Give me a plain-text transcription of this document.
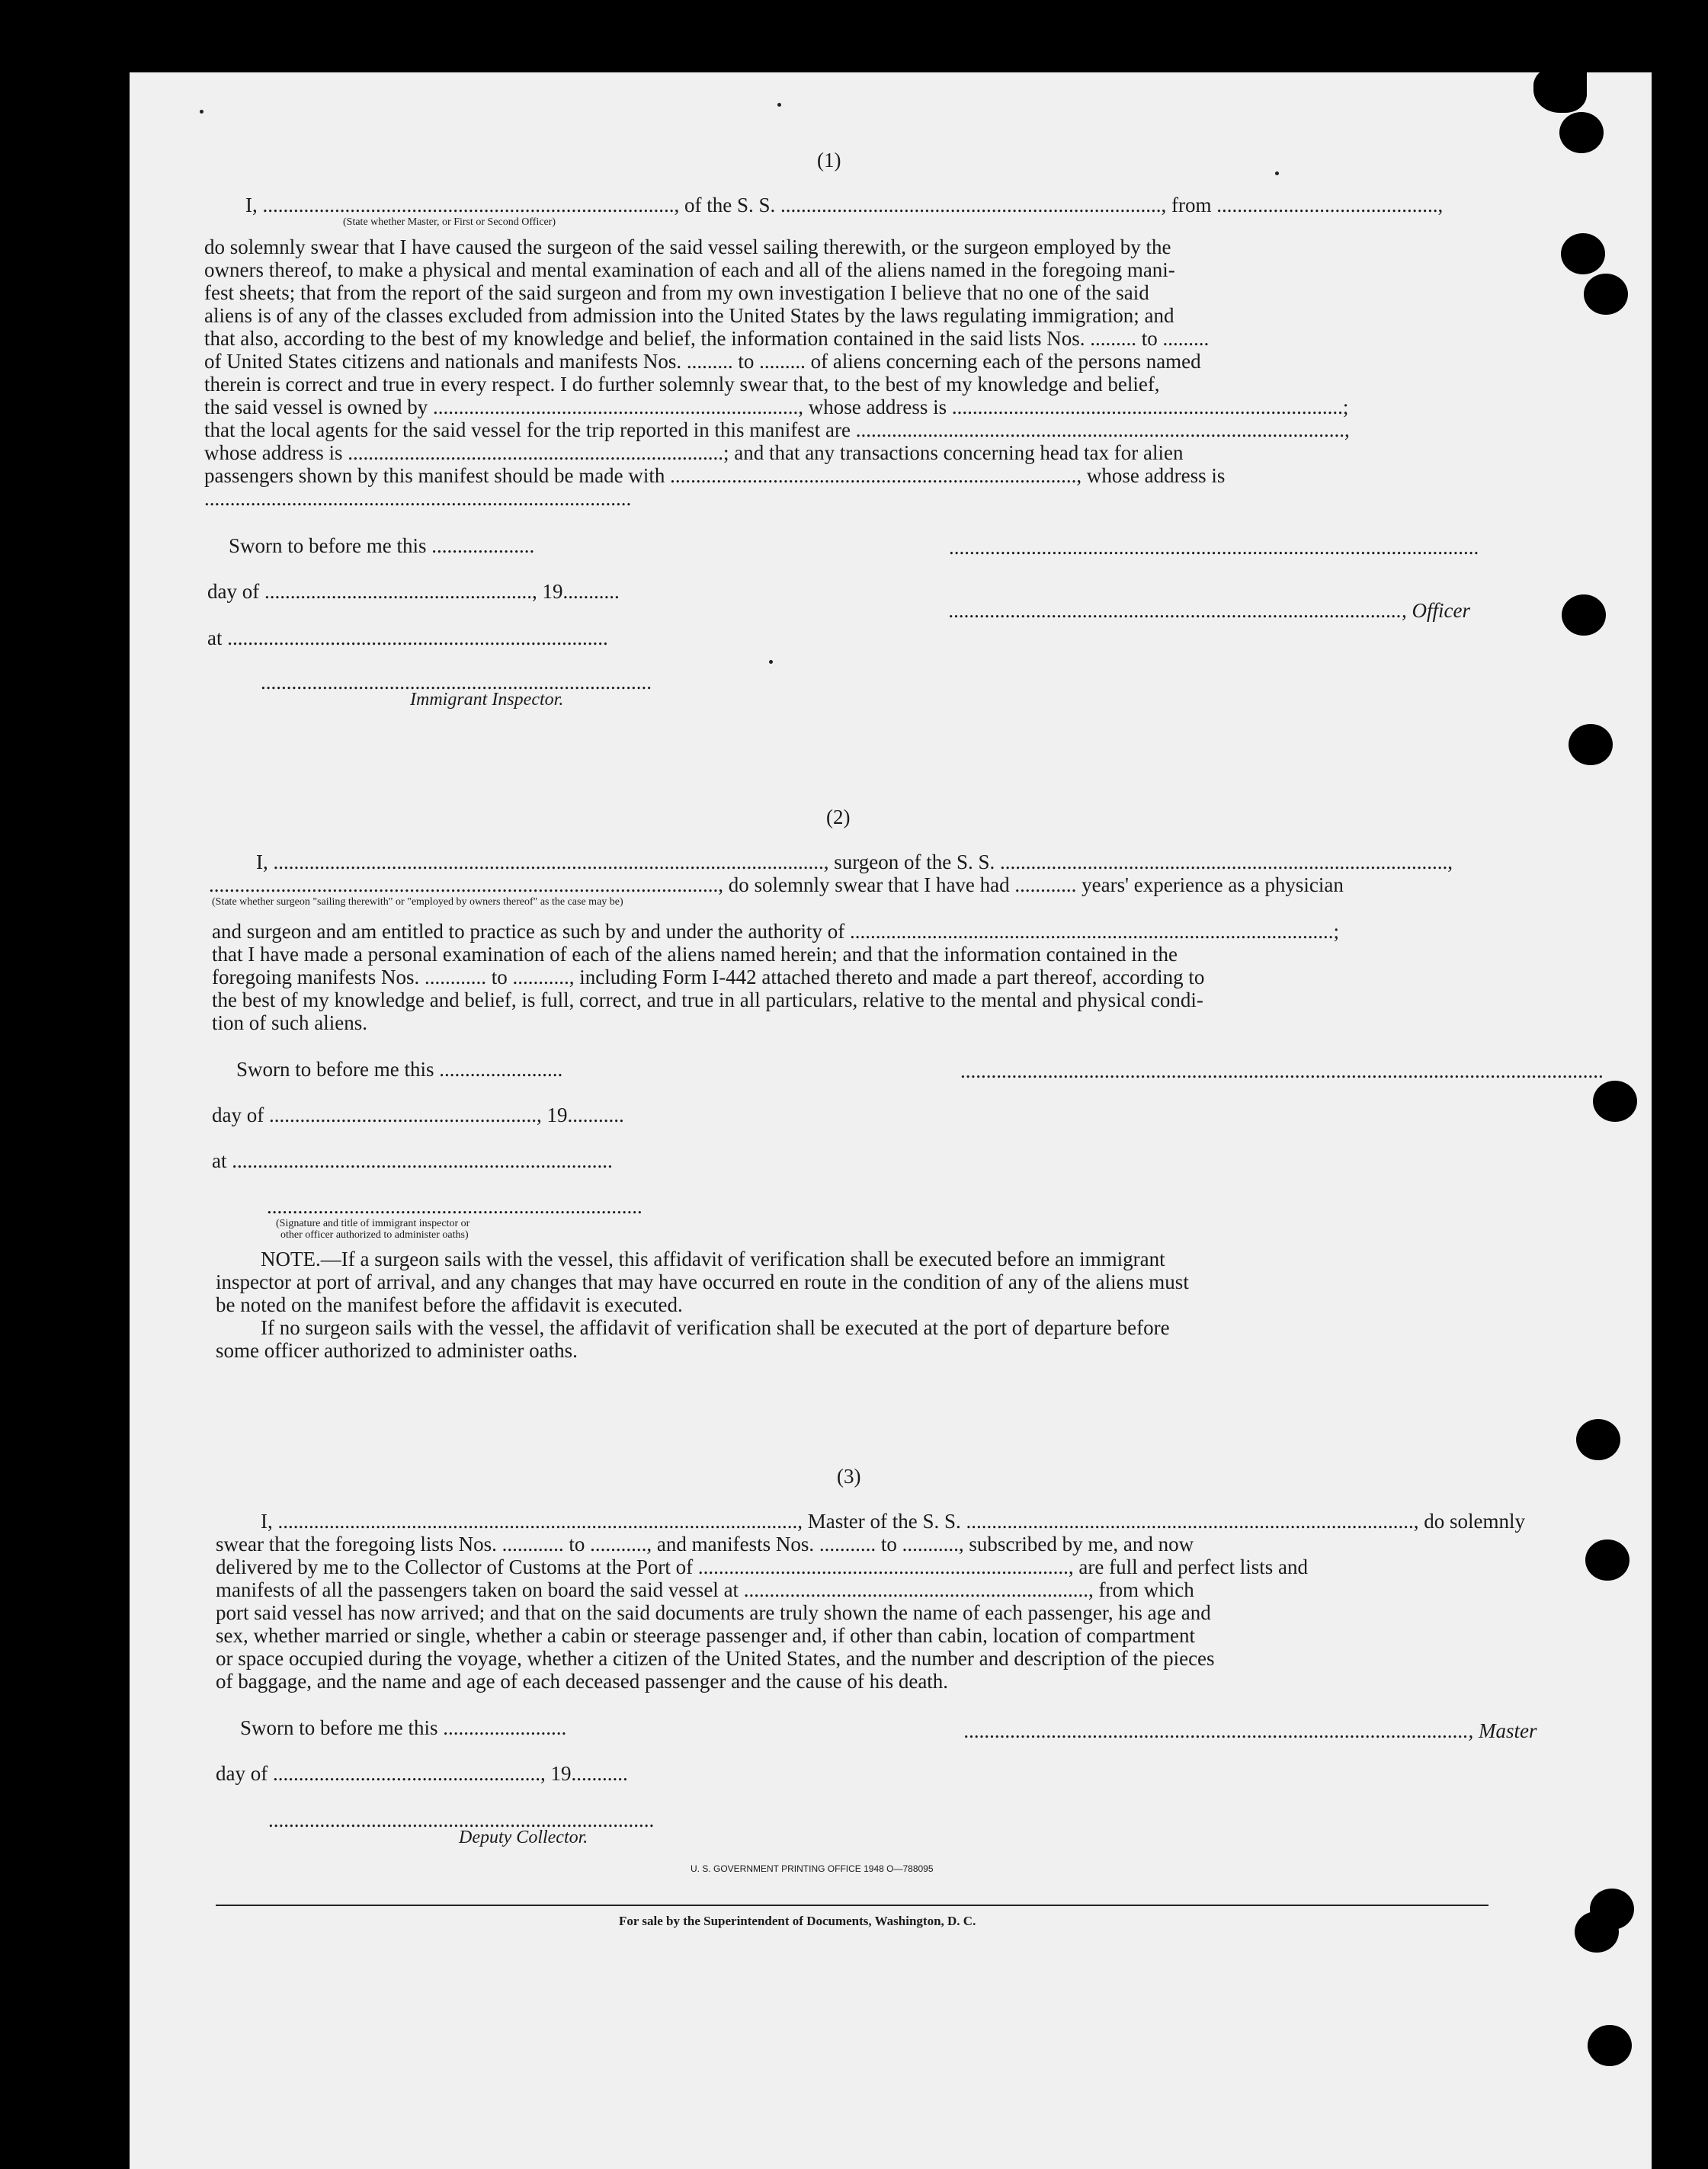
(1)
I, ................................................................................, of the S. S. .........................................................................., from ...........................................,
(State whether Master, or First or Second Officer)
do solemnly swear that I have caused the surgeon of the said vessel sailing therewith, or the surgeon employed by the
owners thereof, to make a physical and mental examination of each and all of the aliens named in the foregoing mani-
fest sheets; that from the report of the said surgeon and from my own investigation I believe that no one of the said
aliens is of any of the classes excluded from admission into the United States by the laws regulating immigration; and
that also, according to the best of my knowledge and belief, the information contained in the said lists Nos. ......... to .........
of United States citizens and nationals and manifests Nos. ......... to ......... of aliens concerning each of the persons named
therein is correct and true in every respect. I do further solemnly swear that, to the best of my knowledge and belief,
the said vessel is owned by ......................................................................., whose address is ............................................................................;
that the local agents for the said vessel for the trip reported in this manifest are ...............................................................................................,
whose address is .........................................................................; and that any transactions concerning head tax for alien
passengers shown by this manifest should be made with ..............................................................................., whose address is
...................................................................................
Sworn to before me this ....................
day of ...................................................., 19...........
at ..........................................................................
............................................................................
Immigrant Inspector.
.......................................................................................................
........................................................................................, Officer
(2)
I, ..........................................................................................................., surgeon of the S. S. .......................................................................................,
..................................................................................................., do solemnly swear that I have had ............ years' experience as a physician
(State whether surgeon "sailing therewith" or "employed by owners thereof" as the case may be)
and surgeon and am entitled to practice as such by and under the authority of ..............................................................................................;
that I have made a personal examination of each of the aliens named herein; and that the information contained in the
foregoing manifests Nos. ............ to ..........., including Form I-442 attached thereto and made a part thereof, according to
the best of my knowledge and belief, is full, correct, and true in all particulars, relative to the mental and physical condi-
tion of such aliens.
Sworn to before me this ........................	.............................................................................................................................
day of ...................................................., 19...........
at ..........................................................................
.........................................................................
(Signature and title of immigrant inspector or
other officer authorized to administer oaths)
NOTE.—If a surgeon sails with the vessel, this affidavit of verification shall be executed before an immigrant
inspector at port of arrival, and any changes that may have occurred en route in the condition of any of the aliens must
be noted on the manifest before the affidavit is executed.
If no surgeon sails with the vessel, the affidavit of verification shall be executed at the port of departure before
some officer authorized to administer oaths.
(3)
I, ....................................................................................................., Master of the S. S. ......................................................................................., do solemnly
swear that the foregoing lists Nos. ............ to ..........., and manifests Nos. ........... to ..........., subscribed by me, and now
delivered by me to the Collector of Customs at the Port of ........................................................................, are full and perfect lists and
manifests of all the passengers taken on board the said vessel at ..................................................................., from which
port said vessel has now arrived; and that on the said documents are truly shown the name of each passenger, his age and
sex, whether married or single, whether a cabin or steerage passenger and, if other than cabin, location of compartment
or space occupied during the voyage, whether a citizen of the United States, and the number and description of the pieces
of baggage, and the name and age of each deceased passenger and the cause of his death.
Sworn to before me this ........................	.................................................................................................., Master
day of ...................................................., 19...........
...........................................................................
Deputy Collector.
U. S. GOVERNMENT PRINTING OFFICE 1948 O—788095
For sale by the Superintendent of Documents, Washington, D. C.
